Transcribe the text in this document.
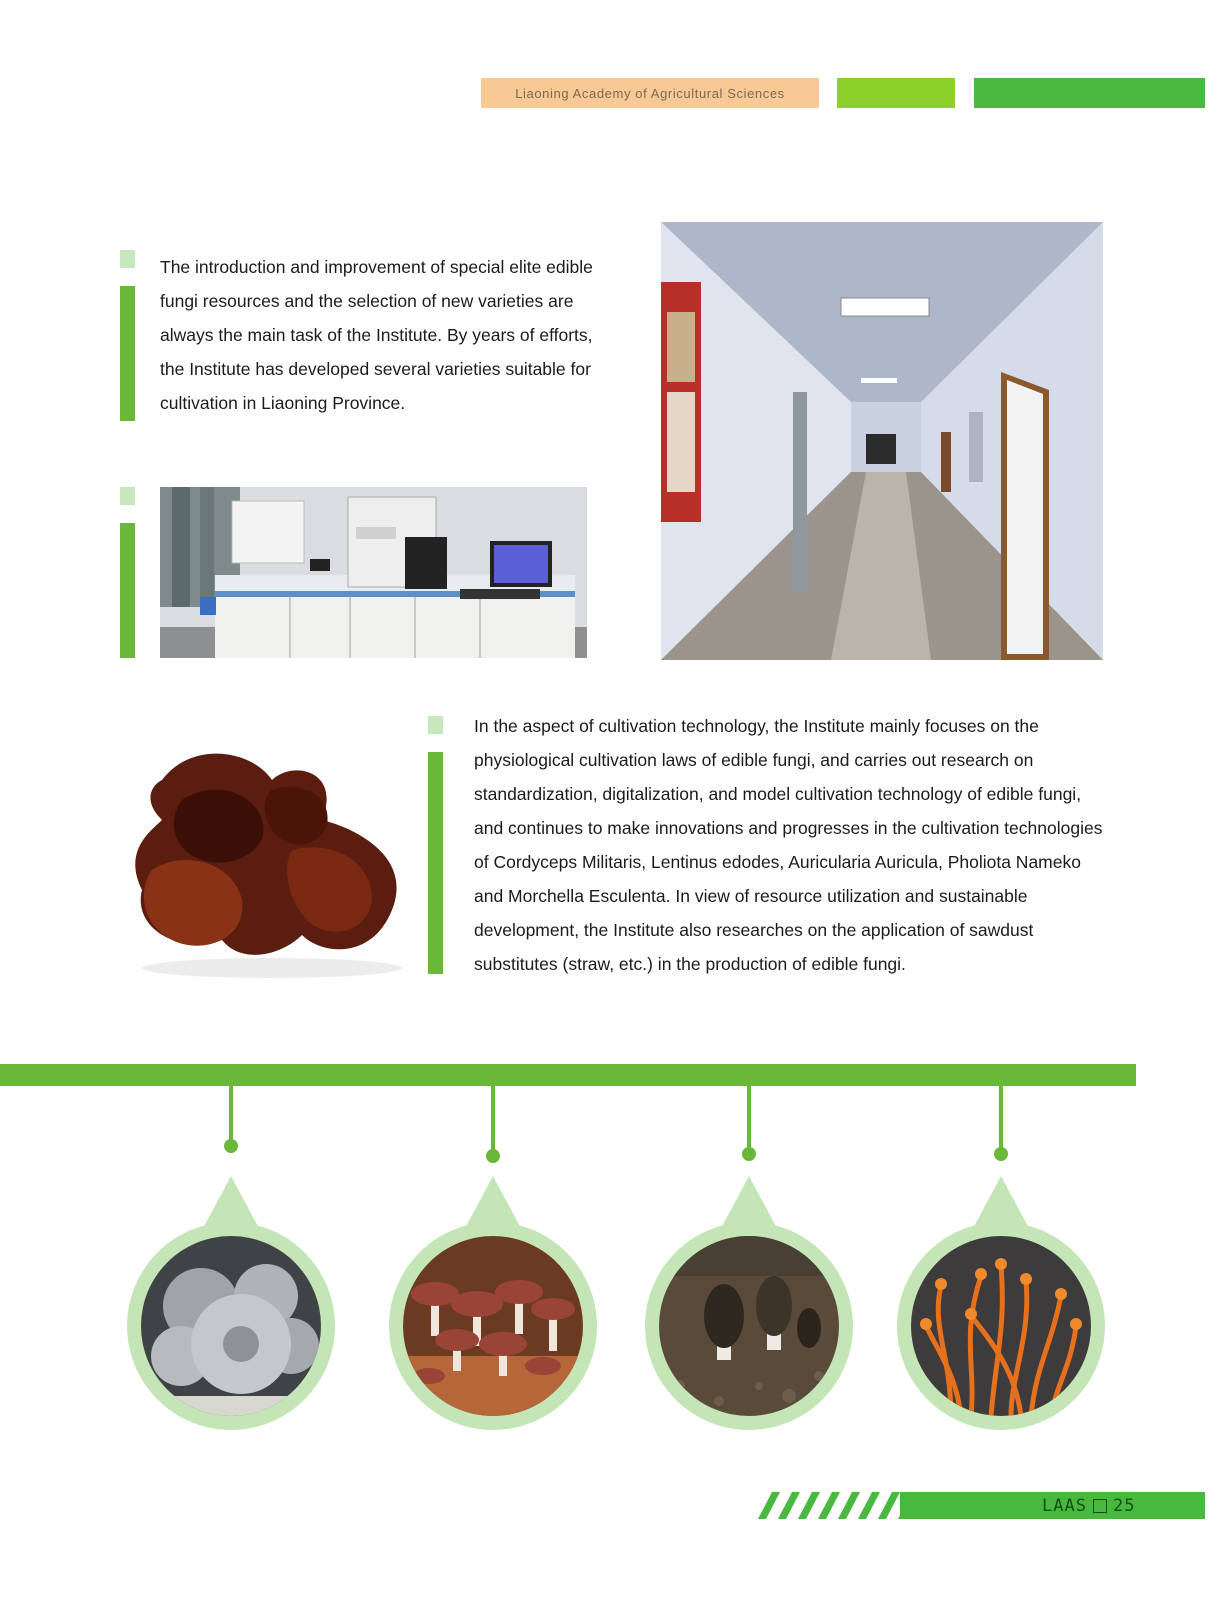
Liaoning Academy of Agricultural Sciences
The introduction and improvement of special elite edible fungi resources and the selection of new varieties are always the main task of the Institute. By years of efforts, the Institute has developed several varieties suitable for cultivation in Liaoning Province.
In the aspect of cultivation technology, the Institute mainly focuses on the physiological cultivation laws of edible fungi, and carries out research on standardization, digitalization, and model cultivation technology of edible fungi, and continues to make innovations and progresses in the cultivation technologies of Cordyceps Militaris, Lentinus edodes, Auricularia Auricula, Pholiota Nameko and Morchella Esculenta. In view of resource utilization and sustainable development, the Institute also researches on the application of sawdust substitutes (straw, etc.) in the production of edible fungi.
LAAS 25
